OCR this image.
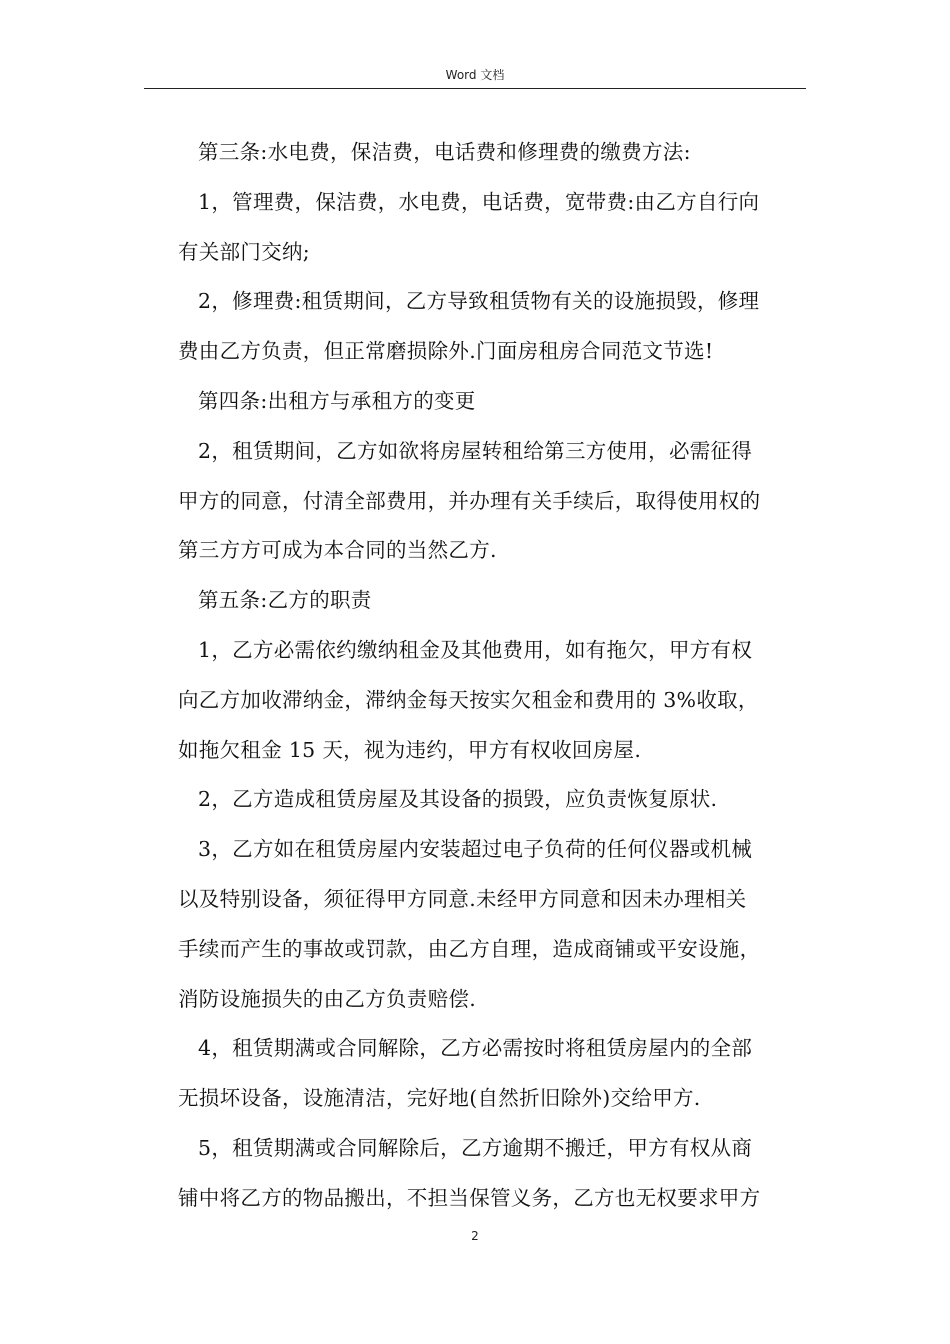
Word 文档
第三条:水电费，保洁费，电话费和修理费的缴费方法:
1，管理费，保洁费，水电费，电话费，宽带费:由乙方自行向
有关部门交纳;
2，修理费:租赁期间，乙方导致租赁物有关的设施损毁，修理
费由乙方负责，但正常磨损除外.门面房租房合同范文节选!
第四条:出租方与承租方的变更
2，租赁期间，乙方如欲将房屋转租给第三方使用，必需征得
甲方的同意，付清全部费用，并办理有关手续后，取得使用权的
第三方方可成为本合同的当然乙方.
第五条:乙方的职责
1，乙方必需依约缴纳租金及其他费用，如有拖欠，甲方有权
向乙方加收滞纳金，滞纳金每天按实欠租金和费用的 3%收取，
如拖欠租金 15 天，视为违约，甲方有权收回房屋.
2，乙方造成租赁房屋及其设备的损毁，应负责恢复原状.
3，乙方如在租赁房屋内安装超过电子负荷的任何仪器或机械
以及特别设备，须征得甲方同意.未经甲方同意和因未办理相关
手续而产生的事故或罚款，由乙方自理，造成商铺或平安设施，
消防设施损失的由乙方负责赔偿.
4，租赁期满或合同解除，乙方必需按时将租赁房屋内的全部
无损坏设备，设施清洁，完好地(自然折旧除外)交给甲方.
5，租赁期满或合同解除后，乙方逾期不搬迁，甲方有权从商
铺中将乙方的物品搬出，不担当保管义务，乙方也无权要求甲方
2
